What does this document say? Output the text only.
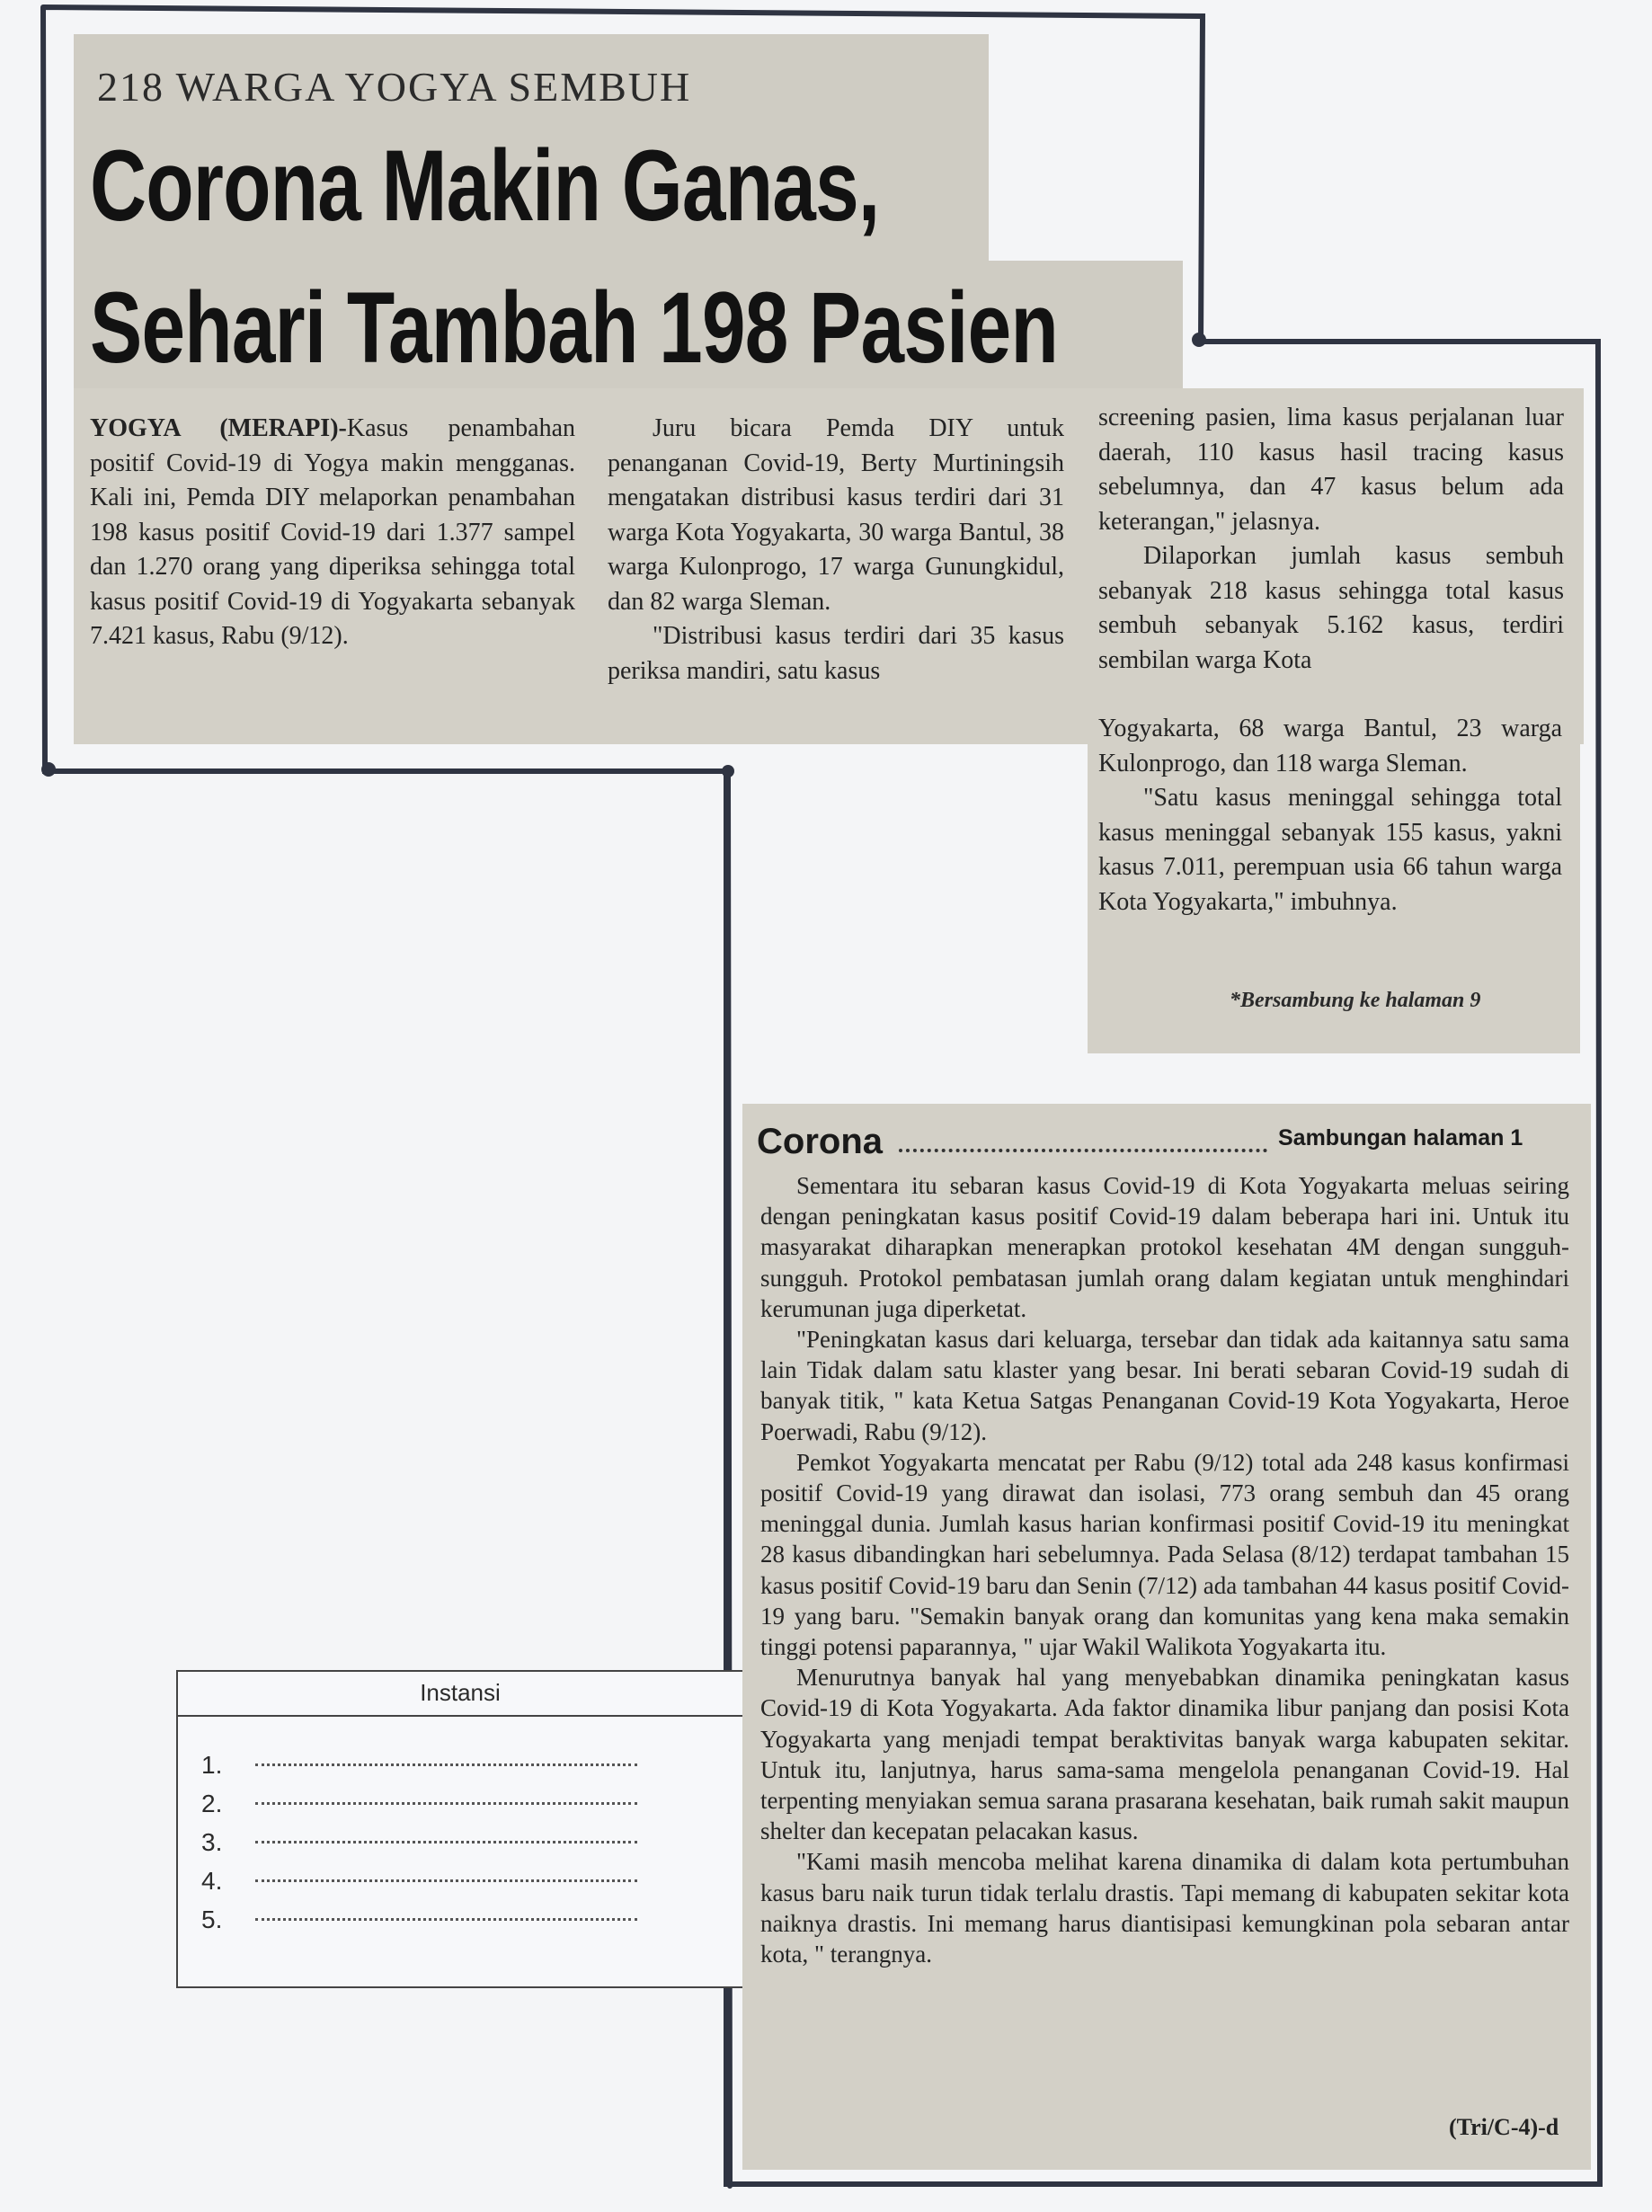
218 WARGA YOGYA SEMBUH
Corona Makin Ganas,
Sehari Tambah 198 Pasien

YOGYA (MERAPI)-Kasus penambahan positif Covid-19 di Yogya makin mengganas. Kali ini, Pemda DIY melaporkan penambahan 198 kasus positif Covid-19 dari 1.377 sampel dan 1.270 orang yang diperiksa sehingga total kasus positif Covid-19 di Yogyakarta sebanyak 7.421 kasus, Rabu (9/12).

Juru bicara Pemda DIY untuk penanganan Covid-19, Berty Murtiningsih mengatakan distribusi kasus terdiri dari 31 warga Kota Yogyakarta, 30 warga Bantul, 38 warga Kulonprogo, 17 warga Gunungkidul, dan 82 warga Sleman.

"Distribusi kasus terdiri dari 35 kasus periksa mandiri, satu kasus

screening pasien, lima kasus perjalanan luar daerah, 110 kasus hasil tracing kasus sebelumnya, dan 47 kasus belum ada keterangan," jelasnya.

Dilaporkan jumlah kasus sembuh sebanyak 218 kasus sehingga total kasus sembuh sebanyak 5.162 kasus, terdiri sembilan warga Kota

Yogyakarta, 68 warga Bantul, 23 warga Kulonprogo, dan 118 warga Sleman.

"Satu kasus meninggal sehingga total kasus meninggal sebanyak 155 kasus, yakni kasus 7.011, perempuan usia 66 tahun warga Kota Yogyakarta," imbuhnya.

*Bersambung ke halaman 9
Corona	Sambungan halaman 1

Sementara itu sebaran kasus Covid-19 di Kota Yogyakarta meluas seiring dengan peningkatan kasus positif Covid-19 dalam beberapa hari ini. Untuk itu masyarakat diharapkan menerapkan protokol kesehatan 4M dengan sungguh-sungguh. Protokol pembatasan jumlah orang dalam kegiatan untuk menghindari kerumunan juga diperketat.

"Peningkatan kasus dari keluarga, tersebar dan tidak ada kaitannya satu sama lain Tidak dalam satu klaster yang besar. Ini berati sebaran Covid-19 sudah di banyak titik, " kata Ketua Satgas Penanganan Covid-19 Kota Yogyakarta, Heroe Poerwadi, Rabu (9/12).

Pemkot Yogyakarta mencatat per Rabu (9/12) total ada 248 kasus konfirmasi positif Covid-19 yang dirawat dan isolasi, 773 orang sembuh dan 45 orang meninggal dunia. Jumlah kasus harian konfirmasi positif Covid-19 itu meningkat 28 kasus dibandingkan hari sebelumnya. Pada Selasa (8/12) terdapat tambahan 15 kasus positif Covid-19 baru dan Senin (7/12) ada tambahan 44 kasus positif Covid-19 yang baru. "Semakin banyak orang dan komunitas yang kena maka semakin tinggi potensi paparannya, " ujar Wakil Walikota Yogyakarta itu.

Menurutnya banyak hal yang menyebabkan dinamika peningkatan kasus Covid-19 di Kota Yogyakarta. Ada faktor dinamika libur panjang dan posisi Kota Yogyakarta yang menjadi tempat beraktivitas banyak warga kabupaten sekitar. Untuk itu, lanjutnya, harus sama-sama mengelola penanganan Covid-19. Hal terpenting menyiakan semua sarana prasarana kesehatan, baik rumah sakit maupun shelter dan kecepatan pelacakan kasus.

"Kami masih mencoba melihat karena dinamika di dalam kota pertumbuhan kasus baru naik turun tidak terlalu drastis. Tapi memang di kabupaten sekitar kota naiknya drastis. Ini memang harus diantisipasi kemungkinan pola sebaran antar kota, " terangnya.

(Tri/C-4)-d
Instansi
1.
2.
3.
4.
5.
